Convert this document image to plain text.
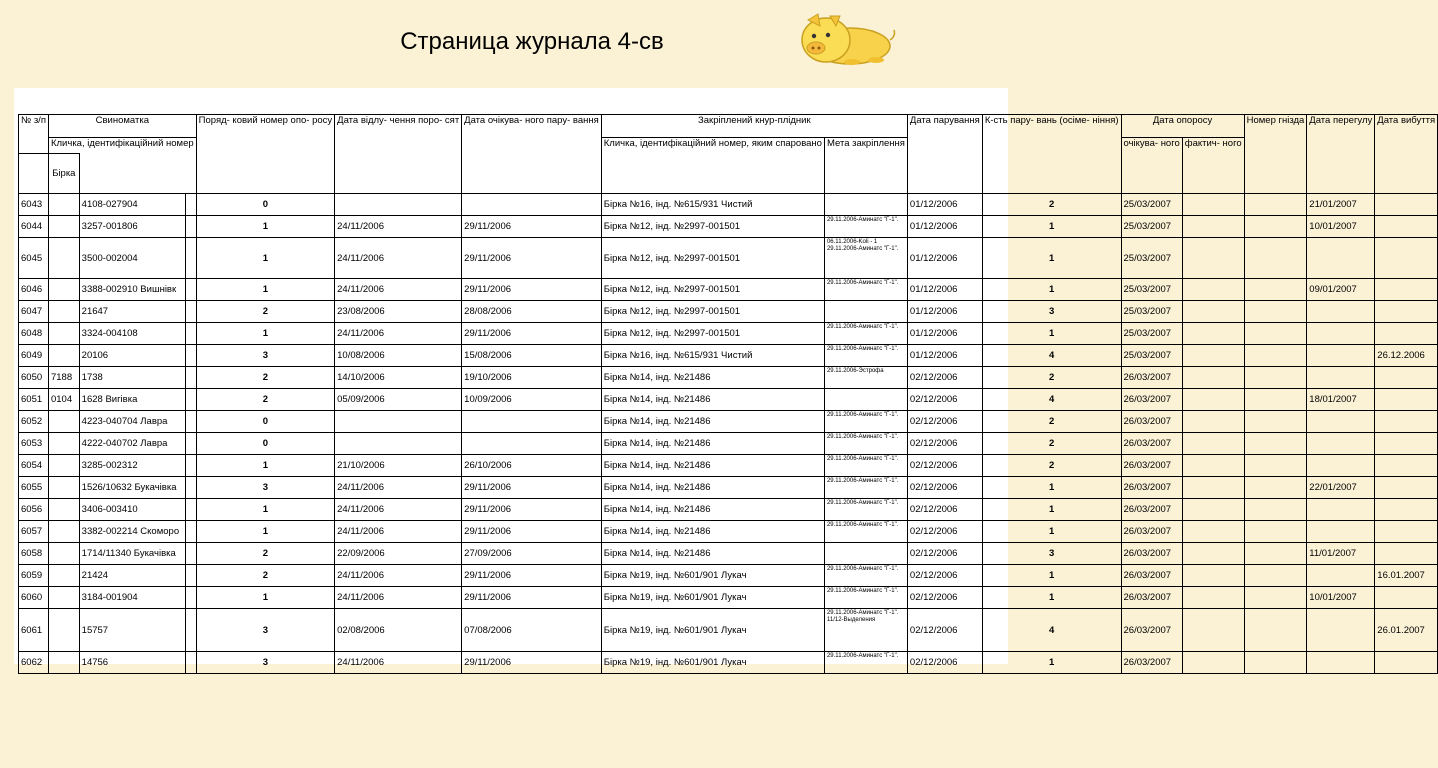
Страница журнала 4-св
№ з/п	Свиноматка			Поряд- ковий номер опо- росу	Дата відлу- чення поро- сят	Дата очікува- ного пару- вання	Закріплений кнур-плідник		Дата парування	К-сть пару- вань (осіме- ніння)	Дата опоросу		Номер гнізда	Дата перегулу	Дата вибуття
	Кличка, ідентифікаційний номер						Кличка, ідентифікаційний номер, яким спаровано	Мета закріплення			очікува- ного	фактич- ного			
	Бірка														
6043		4108-027904		0			Бірка №16, інд. №615/931 Чистий		01/12/2006	2	25/03/2007			21/01/2007	
6044		3257-001806		1	24/11/2006	29/11/2006	Бірка №12, інд. №2997-001501	29.11.2006-Аминатс "Г-1".	01/12/2006	1	25/03/2007			10/01/2007	
6045		3500-002004		1	24/11/2006	29/11/2006	Бірка №12, інд. №2997-001501	06.11.2006-Koli - 1 29.11.2006-Аминатс "Г-1".	01/12/2006	1	25/03/2007				
6046		3388-002910 Вишнівк		1	24/11/2006	29/11/2006	Бірка №12, інд. №2997-001501	29.11.2006-Аминатс "Г-1".	01/12/2006	1	25/03/2007			09/01/2007	
6047		21647		2	23/08/2006	28/08/2006	Бірка №12, інд. №2997-001501		01/12/2006	3	25/03/2007				
6048		3324-004108		1	24/11/2006	29/11/2006	Бірка №12, інд. №2997-001501	29.11.2006-Аминатс "Г-1".	01/12/2006	1	25/03/2007				
6049		20106		3	10/08/2006	15/08/2006	Бірка №16, інд. №615/931 Чистий	29.11.2006-Аминатс "Г-1".	01/12/2006	4	25/03/2007				26.12.2006
6050	7188	1738		2	14/10/2006	19/10/2006	Бірка №14, інд. №21486	29.11.2006-Эстрофа	02/12/2006	2	26/03/2007				
6051	0104	1628 Вигівка		2	05/09/2006	10/09/2006	Бірка №14, інд. №21486		02/12/2006	4	26/03/2007			18/01/2007	
6052		4223-040704 Лавра		0			Бірка №14, інд. №21486	29.11.2006-Аминатс "Г-1".	02/12/2006	2	26/03/2007				
6053		4222-040702 Лавра		0			Бірка №14, інд. №21486	29.11.2006-Аминатс "Г-1".	02/12/2006	2	26/03/2007				
6054		3285-002312		1	21/10/2006	26/10/2006	Бірка №14, інд. №21486	29.11.2006-Аминатс "Г-1".	02/12/2006	2	26/03/2007				
6055		1526/10632 Букачівка		3	24/11/2006	29/11/2006	Бірка №14, інд. №21486	29.11.2006-Аминатс "Г-1".	02/12/2006	1	26/03/2007			22/01/2007	
6056		3406-003410		1	24/11/2006	29/11/2006	Бірка №14, інд. №21486	29.11.2006-Аминатс "Г-1".	02/12/2006	1	26/03/2007				
6057		3382-002214 Скоморо		1	24/11/2006	29/11/2006	Бірка №14, інд. №21486	29.11.2006-Аминатс "Г-1".	02/12/2006	1	26/03/2007				
6058		1714/11340 Букачівка		2	22/09/2006	27/09/2006	Бірка №14, інд. №21486		02/12/2006	3	26/03/2007			11/01/2007	
6059		21424		2	24/11/2006	29/11/2006	Бірка №19, інд. №601/901 Лукач	29.11.2006-Аминатс "Г-1".	02/12/2006	1	26/03/2007				16.01.2007
6060		3184-001904		1	24/11/2006	29/11/2006	Бірка №19, інд. №601/901 Лукач	29.11.2006-Аминатс "Г-1".	02/12/2006	1	26/03/2007			10/01/2007	
6061		15757		3	02/08/2006	07/08/2006	Бірка №19, інд. №601/901 Лукач	29.11.2006-Аминатс "Г-1". 11/12-Выделения	02/12/2006	4	26/03/2007				26.01.2007
6062		14756		3	24/11/2006	29/11/2006	Бірка №19, інд. №601/901 Лукач	29.11.2006-Аминатс "Г-1".	02/12/2006	1	26/03/2007				
